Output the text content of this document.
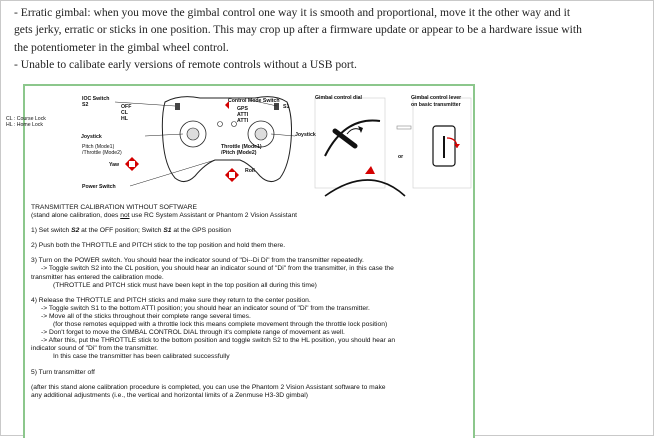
- Erratic gimbal: when you move the gimbal control one way it is smooth and proportional, move it the other way and it

gets jerky, erratic or sticks in one position. This may crop up after a firmware update or appear to be a hardware issue with

the potentiometer in the gimbal wheel control.

- Unable to calibate early versions of remote controls without a USB port.

IOC Switch
S2	OFF
CL
HL
CL : Course Lock
HL : Home Lock
Control Mode Switch
S1
GPS
ATTI
ATTI
Joystick	Joystick
Pitch (Mode1)
/Throttle (Mode2)
Yaw
Throttle (Mode1)
/Pitch (Mode2)
Roll
Power Switch
Gimbal control dial	Gimbal control lever
on basic transmitter
or
TRANSMITTER CALIBRATION WITHOUT SOFTWARE
(stand alone calibration, does not use RC System Assistant or Phantom 2 Vision Assistant
1) Set switch S2 at the OFF position; Switch S1 at the GPS position
2) Push both the THROTTLE and PITCH stick to the top position and hold them there.
3) Turn on the POWER switch. You should hear the indicator sound of "Di--Di Di" from the transmitter repeatedly.
-> Toggle switch S2 into the CL position, you should hear an indicator sound of "Di" from the transmitter, in this case the
transmitter has entered the calibration mode.
(THROTTLE and PITCH stick must have been kept in the top position all during this time)
4) Release the THROTTLE and PITCH sticks and make sure they return to the center position.
-> Toggle switch S1 to the bottom ATTI position; you should hear an indicator sound of "Di" from the transmitter.
-> Move all of the sticks throughout their complete range several times.
(for those remotes equipped with a throttle lock this means complete movement through the throttle lock position)
-> Don't forget to move the GIMBAL CONTROL DIAL through it's complete range of movement as well.
-> After this, put the THROTTLE stick to the bottom position and toggle switch S2 to the HL position, you should hear an
indicator sound of "Di" from the transmitter.
In this case the transmitter has been calibrated successfully
5) Turn transmitter off
(after this stand alone calibration procedure is completed, you can use the Phantom 2 Vision Assistant software to make
any additional adjustments (i.e., the vertical and horizontal limits of a Zenmuse H3-3D gimbal)
